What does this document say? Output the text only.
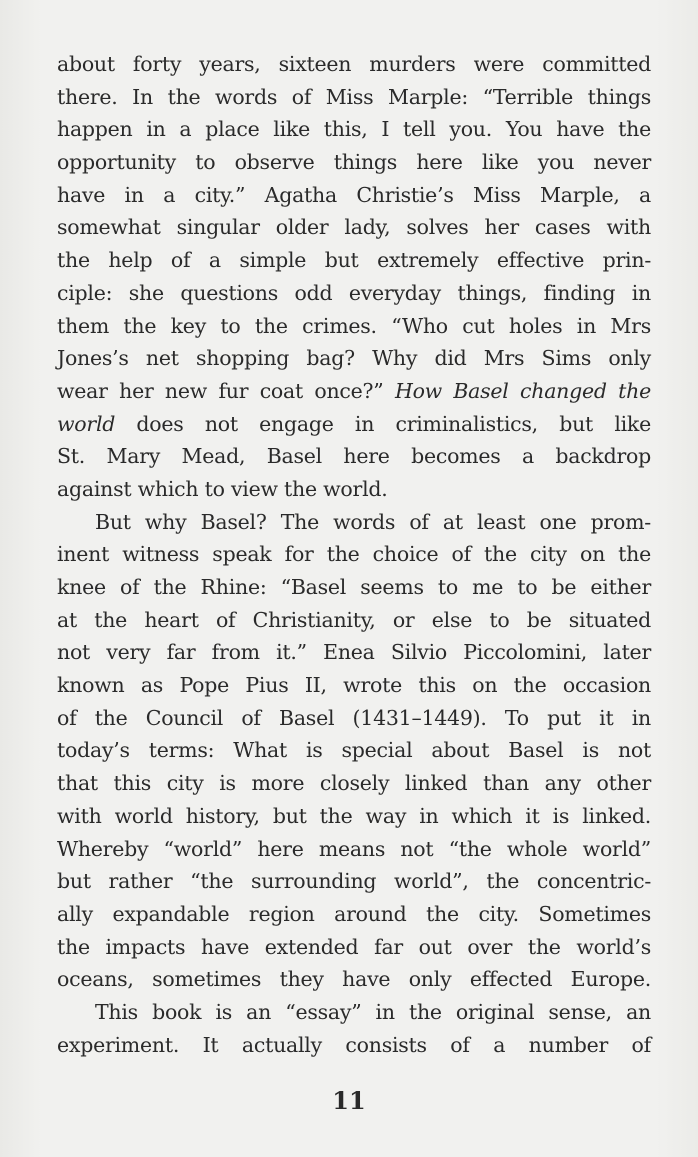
about forty years, sixteen murders were committed
there. In the words of Miss Marple: “Terrible things
happen in a place like this, I tell you. You have the
opportunity to observe things here like you never
have in a city.” Agatha Christie’s Miss Marple, a
somewhat singular older lady, solves her cases with
the help of a simple but extremely effective prin-
ciple: she questions odd everyday things, finding in
them the key to the crimes. “Who cut holes in Mrs
Jones’s net shopping bag? Why did Mrs Sims only
wear her new fur coat once?” How Basel changed the
world does not engage in criminalistics, but like
St. Mary Mead, Basel here becomes a backdrop
against which to view the world.
But why Basel? The words of at least one prom-
inent witness speak for the choice of the city on the
knee of the Rhine: “Basel seems to me to be either
at the heart of Christianity, or else to be situated
not very far from it.” Enea Silvio Piccolomini, later
known as Pope Pius II, wrote this on the occasion
of the Council of Basel (1431–1449). To put it in
today’s terms: What is special about Basel is not
that this city is more closely linked than any other
with world history, but the way in which it is linked.
Whereby “world” here means not “the whole world”
but rather “the surrounding world”, the concentric-
ally expandable region around the city. Sometimes
the impacts have extended far out over the world’s
oceans, sometimes they have only effected Europe.
This book is an “essay” in the original sense, an
experiment. It actually consists of a number of
11
